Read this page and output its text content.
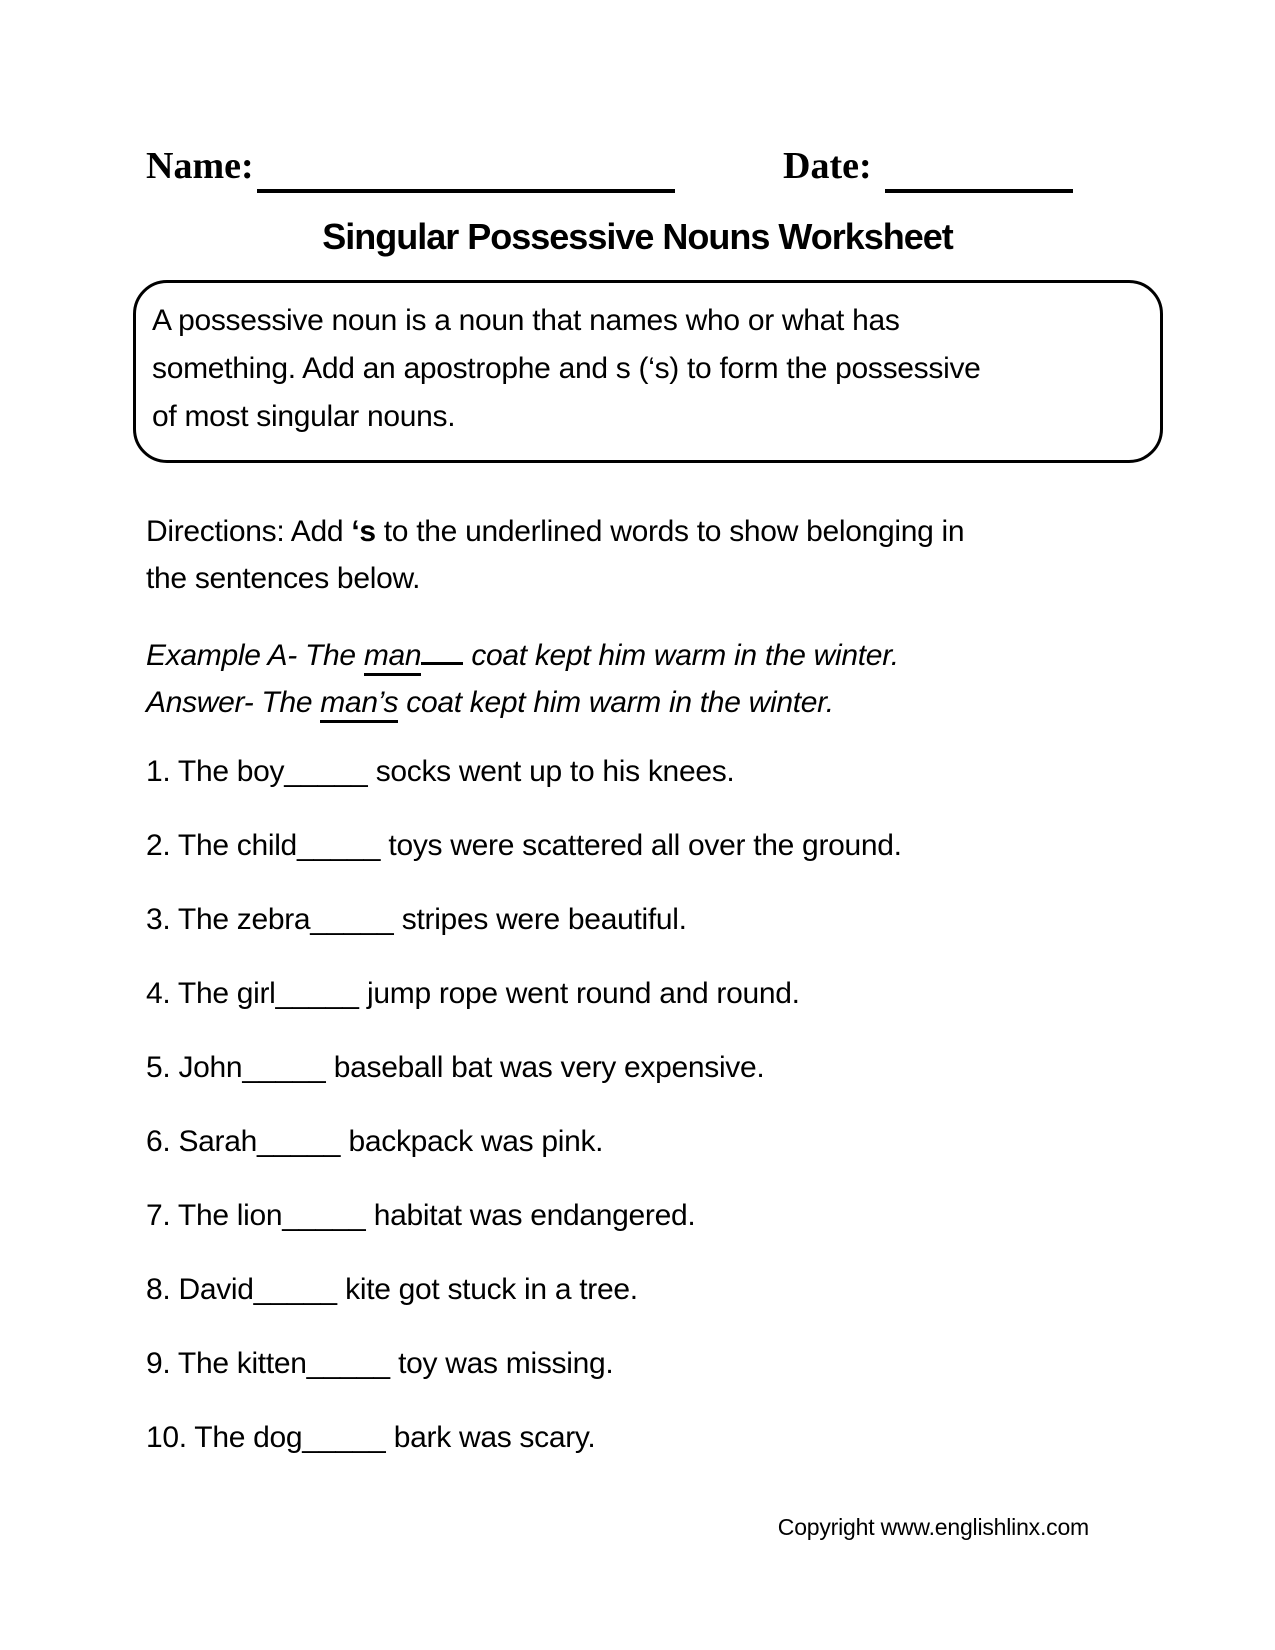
Name:	Date:
Singular Possessive Nouns Worksheet
A possessive noun is a noun that names who or what has
something. Add an apostrophe and s (‘s) to form the possessive
of most singular nouns.
Directions: Add ‘s to the underlined words to show belonging in
the sentences below.
Example A- The man coat kept him warm in the winter.
Answer- The man’s coat kept him warm in the winter.
1. The boy_____ socks went up to his knees.
2. The child_____ toys were scattered all over the ground.
3. The zebra_____ stripes were beautiful.
4. The girl_____ jump rope went round and round.
5. John_____ baseball bat was very expensive.
6. Sarah_____ backpack was pink.
7. The lion_____ habitat was endangered.
8. David_____ kite got stuck in a tree.
9. The kitten_____ toy was missing.
10. The dog_____ bark was scary.
Copyright www.englishlinx.com
